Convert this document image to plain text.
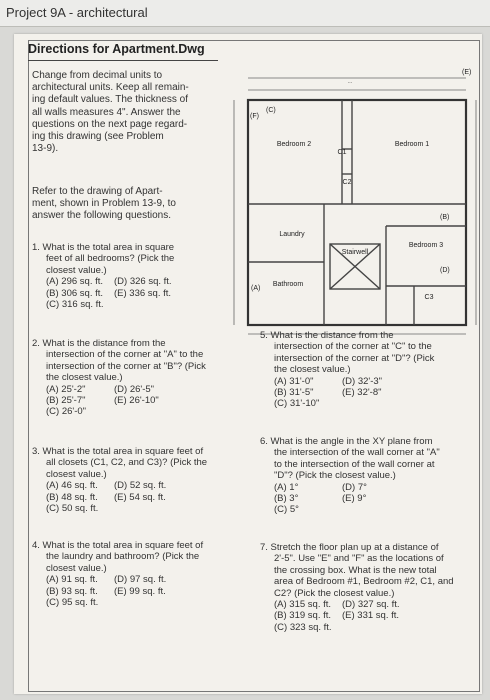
Project 9A - architectural
Directions for Apartment.Dwg
Change from decimal units to
architectural units. Keep all remain-
ing default values. The thickness of
all walls measures 4". Answer the
questions on the next page regard-
ing this drawing (see Problem
13-9).
Refer to the drawing of Apart-
ment, shown in Problem 13-9, to
answer the following questions.
···
C1
C2
C3
Bedroom 2	Bedroom 1
Bedroom 3
Laundry
Bathroom
Stairwell
(C)
(A)
(B)
(D)
(E)
(F)
1. What is the total area in square
feet of all bedrooms? (Pick the
closest value.)
(A) 296 sq. ft.	(D) 326 sq. ft.
(B) 306 sq. ft.	(E) 336 sq. ft.
(C) 316 sq. ft.
2. What is the distance from the
intersection of the corner at "A" to the
intersection of the corner at "B"? (Pick
the closest value.)
(A) 25'-2"	(D) 26'-5"
(B) 25'-7"	(E) 26'-10"
(C) 26'-0"
3. What is the total area in square feet of
all closets (C1, C2, and C3)? (Pick the
closest value.)
(A) 46 sq. ft.	(D) 52 sq. ft.
(B) 48 sq. ft.	(E) 54 sq. ft.
(C) 50 sq. ft.
4. What is the total area in square feet of
the laundry and bathroom? (Pick the
closest value.)
(A) 91 sq. ft.	(D) 97 sq. ft.
(B) 93 sq. ft.	(E) 99 sq. ft.
(C) 95 sq. ft.
5. What is the distance from the
intersection of the corner at "C" to the
intersection of the corner at "D"? (Pick
the closest value.)
(A) 31'-0"	(D) 32'-3"
(B) 31'-5"	(E) 32'-8"
(C) 31'-10"
6. What is the angle in the XY plane from
the intersection of the wall corner at "A"
to the intersection of the wall corner at
"D"? (Pick the closest value.)
(A) 1°	(D) 7°
(B) 3°	(E) 9°
(C) 5°
7. Stretch the floor plan up at a distance of
2'-5". Use "E" and "F" as the locations of
the crossing box. What is the new total
area of Bedroom #1, Bedroom #2, C1, and
C2? (Pick the closest value.)
(A) 315 sq. ft.	(D) 327 sq. ft.
(B) 319 sq. ft.	(E) 331 sq. ft.
(C) 323 sq. ft.
